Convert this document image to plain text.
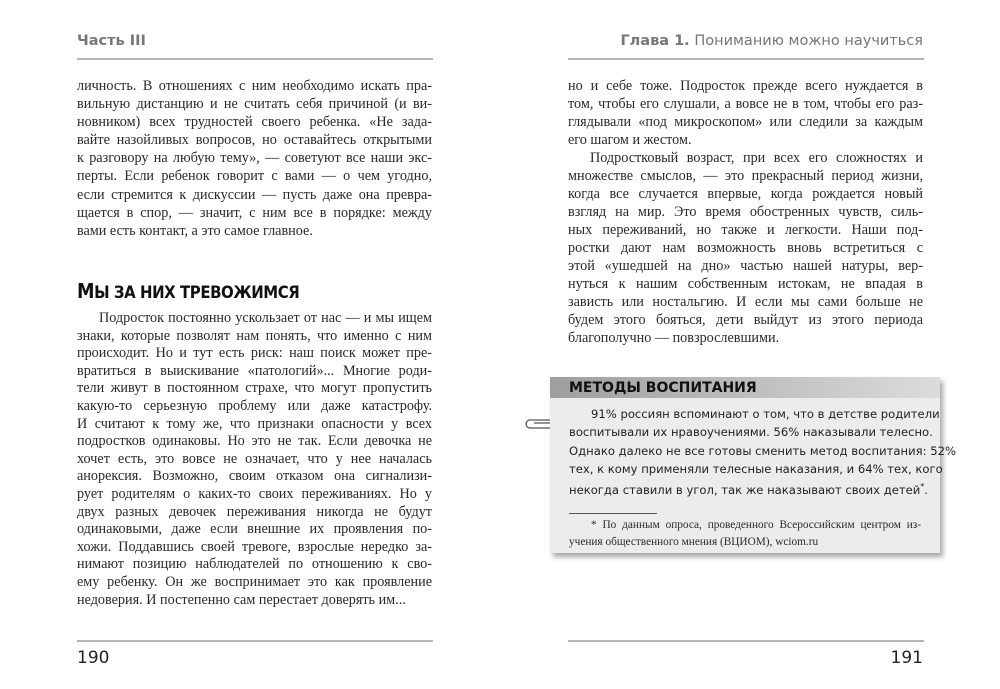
Часть III	Глава 1. Пониманию можно научиться
личность. В отношениях с ним необходимо искать пра-
вильную дистанцию и не считать себя причиной (и ви-
новником) всех трудностей своего ребенка. «Не зада-
вайте назойливых вопросов, но оставайтесь открытыми
к разговору на любую тему», — советуют все наши экс-
перты. Если ребенок говорит с вами — о чем угодно,
если стремится к дискуссии — пусть даже она превра-
щается в спор, — значит, с ним все в порядке: между
вами есть контакт, а это самое главное.
МЫ ЗА НИХ ТРЕВОЖИМСЯ
Подросток постоянно ускользает от нас — и мы ищем
знаки, которые позволят нам понять, что именно с ним
происходит. Но и тут есть риск: наш поиск может пре-
вратиться в выискивание «патологий»... Многие роди-
тели живут в постоянном страхе, что могут пропустить
какую-то серьезную проблему или даже катастрофу.
И считают к тому же, что признаки опасности у всех
подростков одинаковы. Но это не так. Если девочка не
хочет есть, это вовсе не означает, что у нее началась
анорексия. Возможно, своим отказом она сигнализи-
рует родителям о каких-то своих переживаниях. Но у
двух разных девочек переживания никогда не будут
одинаковыми, даже если внешние их проявления по-
хожи. Поддавшись своей тревоге, взрослые нередко за-
нимают позицию наблюдателей по отношению к сво-
ему ребенку. Он же воспринимает это как проявление
недоверия. И постепенно сам перестает доверять им...
но и себе тоже. Подросток прежде всего нуждается в
том, чтобы его слушали, а вовсе не в том, чтобы его раз-
глядывали «под микроскопом» или следили за каждым
его шагом и жестом.
Подростковый возраст, при всех его сложностях и
множестве смыслов, — это прекрасный период жизни,
когда все случается впервые, когда рождается новый
взгляд на мир. Это время обостренных чувств, силь-
ных переживаний, но также и легкости. Наши под-
ростки дают нам возможность вновь встретиться с
этой «ушедшей на дно» частью нашей натуры, вер-
нуться к нашим собственным истокам, не впадая в
зависть или ностальгию. И если мы сами больше не
будем этого бояться, дети выйдут из этого периода
благополучно — повзрослевшими.
МЕТОДЫ ВОСПИТАНИЯ
91% россиян вспоминают о том, что в детстве родители
воспитывали их нравоучениями. 56% наказывали телесно.
Однако далеко не все готовы сменить метод воспитания: 52%
тех, к кому применяли телесные наказания, и 64% тех, кого
некогда ставили в угол, так же наказывают своих детей*.
* По данным опроса, проведенного Всероссийским центром из-
учения общественного мнения (ВЦИОМ), wciom.ru
190	191
